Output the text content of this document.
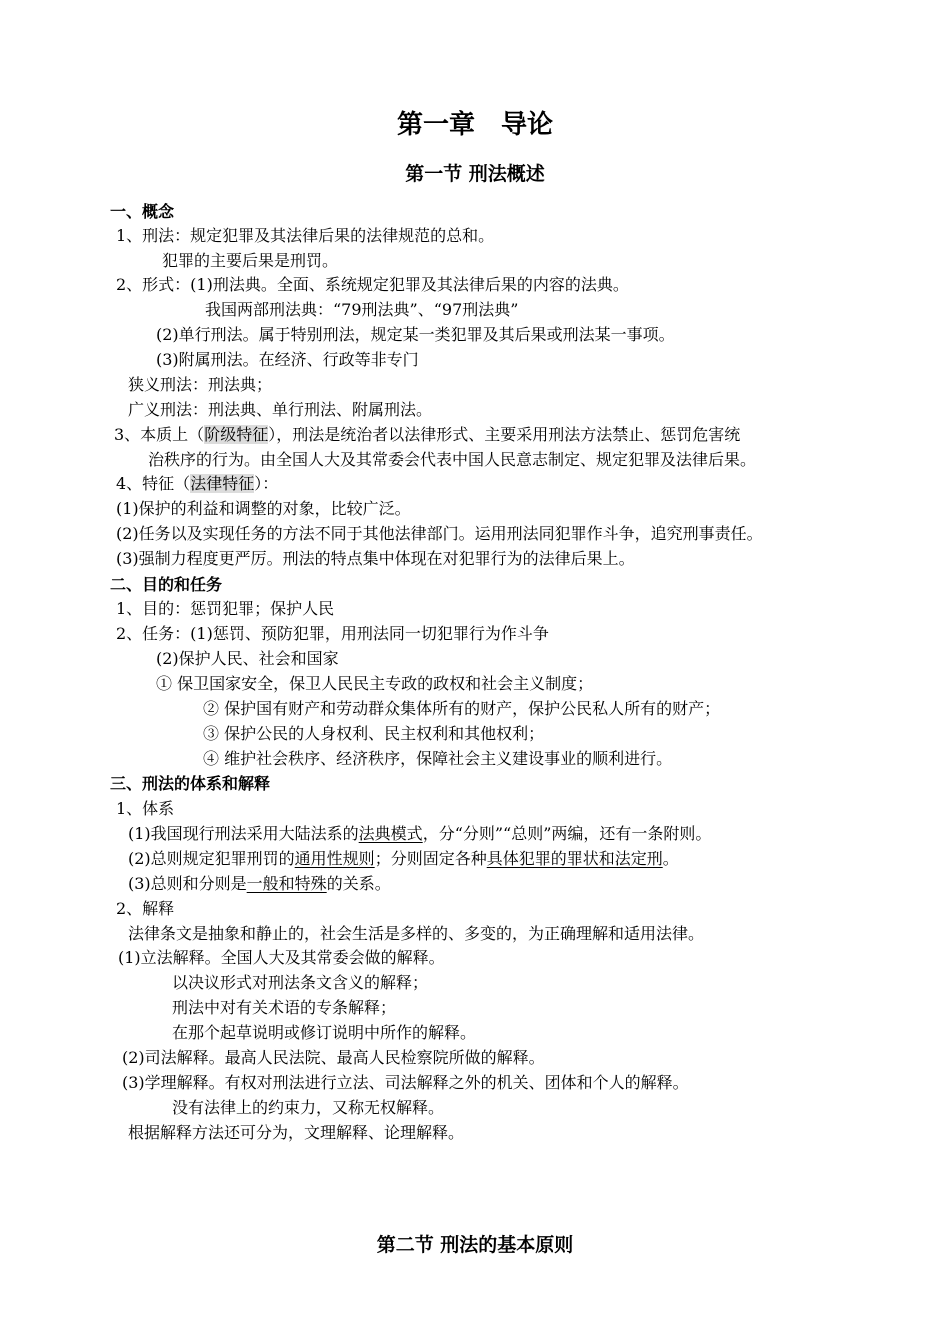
第一章　导论
第一节 刑法概述
一、概念
1、刑法：规定犯罪及其法律后果的法律规范的总和。
犯罪的主要后果是刑罚。
2、形式：(1)刑法典。全面、系统规定犯罪及其法律后果的内容的法典。
我国两部刑法典：“79刑法典”、“97刑法典”
(2)单行刑法。属于特别刑法，规定某一类犯罪及其后果或刑法某一事项。
(3)附属刑法。在经济、行政等非专门
狭义刑法：刑法典；
广义刑法：刑法典、单行刑法、附属刑法。
3、本质上（阶级特征），刑法是统治者以法律形式、主要采用刑法方法禁止、惩罚危害统
治秩序的行为。由全国人大及其常委会代表中国人民意志制定、规定犯罪及法律后果。
4、特征（法律特征）：
(1)保护的利益和调整的对象，比较广泛。
(2)任务以及实现任务的方法不同于其他法律部门。运用刑法同犯罪作斗争，追究刑事责任。
(3)强制力程度更严厉。刑法的特点集中体现在对犯罪行为的法律后果上。
二、目的和任务
1、目的：惩罚犯罪；保护人民
2、任务：(1)惩罚、预防犯罪，用刑法同一切犯罪行为作斗争
(2)保护人民、社会和国家
① 保卫国家安全，保卫人民民主专政的政权和社会主义制度；
② 保护国有财产和劳动群众集体所有的财产，保护公民私人所有的财产；
③ 保护公民的人身权利、民主权利和其他权利；
④ 维护社会秩序、经济秩序，保障社会主义建设事业的顺利进行。
三、刑法的体系和解释
1、体系
(1)我国现行刑法采用大陆法系的法典模式，分“分则”“总则”两编，还有一条附则。
(2)总则规定犯罪刑罚的通用性规则；分则固定各种具体犯罪的罪状和法定刑。
(3)总则和分则是一般和特殊的关系。
2、解释
法律条文是抽象和静止的，社会生活是多样的、多变的，为正确理解和适用法律。
(1)立法解释。全国人大及其常委会做的解释。
以决议形式对刑法条文含义的解释；
刑法中对有关术语的专条解释；
在那个起草说明或修订说明中所作的解释。
(2)司法解释。最高人民法院、最高人民检察院所做的解释。
(3)学理解释。有权对刑法进行立法、司法解释之外的机关、团体和个人的解释。
没有法律上的约束力，又称无权解释。
根据解释方法还可分为，文理解释、论理解释。
第二节 刑法的基本原则
